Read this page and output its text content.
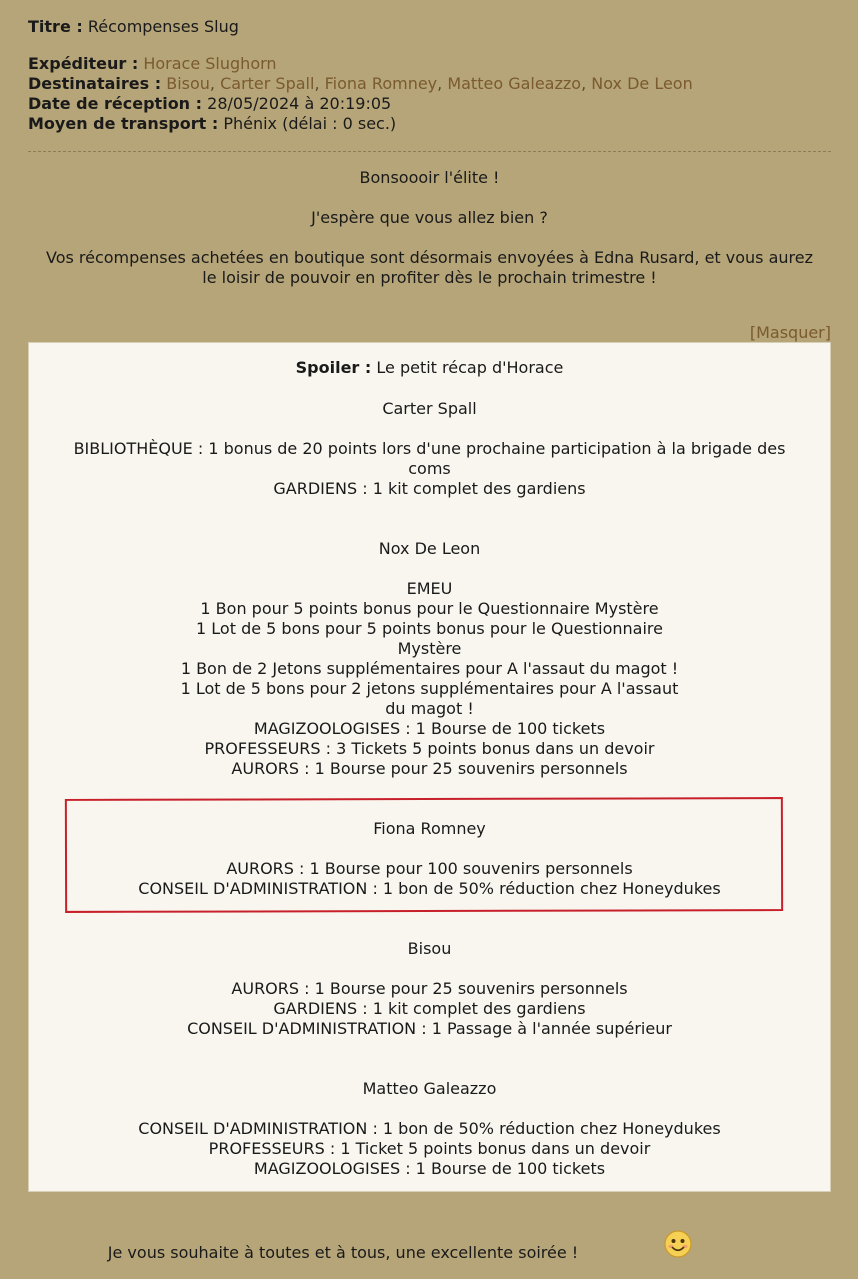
Titre : Récompenses Slug
Expéditeur : Horace Slughorn
Destinataires : Bisou, Carter Spall, Fiona Romney, Matteo Galeazzo, Nox De Leon
Date de réception : 28/05/2024 à 20:19:05
Moyen de transport : Phénix (délai : 0 sec.)
Bonsoooir l'élite !
J'espère que vous allez bien ?
Vos récompenses achetées en boutique sont désormais envoyées à Edna Rusard, et vous aurez
le loisir de pouvoir en profiter dès le prochain trimestre !
[Masquer]
Spoiler : Le petit récap d'Horace
Carter Spall
BIBLIOTHÈQUE : 1 bonus de 20 points lors d'une prochaine participation à la brigade des
coms
GARDIENS : 1 kit complet des gardiens
Nox De Leon
EMEU
1 Bon pour 5 points bonus pour le Questionnaire Mystère
1 Lot de 5 bons pour 5 points bonus pour le Questionnaire
Mystère
1 Bon de 2 Jetons supplémentaires pour A l'assaut du magot !
1 Lot de 5 bons pour 2 jetons supplémentaires pour A l'assaut
du magot !
MAGIZOOLOGISES : 1 Bourse de 100 tickets
PROFESSEURS : 3 Tickets 5 points bonus dans un devoir
AURORS : 1 Bourse pour 25 souvenirs personnels
Fiona Romney
AURORS : 1 Bourse pour 100 souvenirs personnels
CONSEIL D'ADMINISTRATION : 1 bon de 50% réduction chez Honeydukes
Bisou
AURORS : 1 Bourse pour 25 souvenirs personnels
GARDIENS : 1 kit complet des gardiens
CONSEIL D'ADMINISTRATION : 1 Passage à l'année supérieur
Matteo Galeazzo
CONSEIL D'ADMINISTRATION : 1 bon de 50% réduction chez Honeydukes
PROFESSEURS : 1 Ticket 5 points bonus dans un devoir
MAGIZOOLOGISES : 1 Bourse de 100 tickets
Je vous souhaite à toutes et à tous, une excellente soirée !
